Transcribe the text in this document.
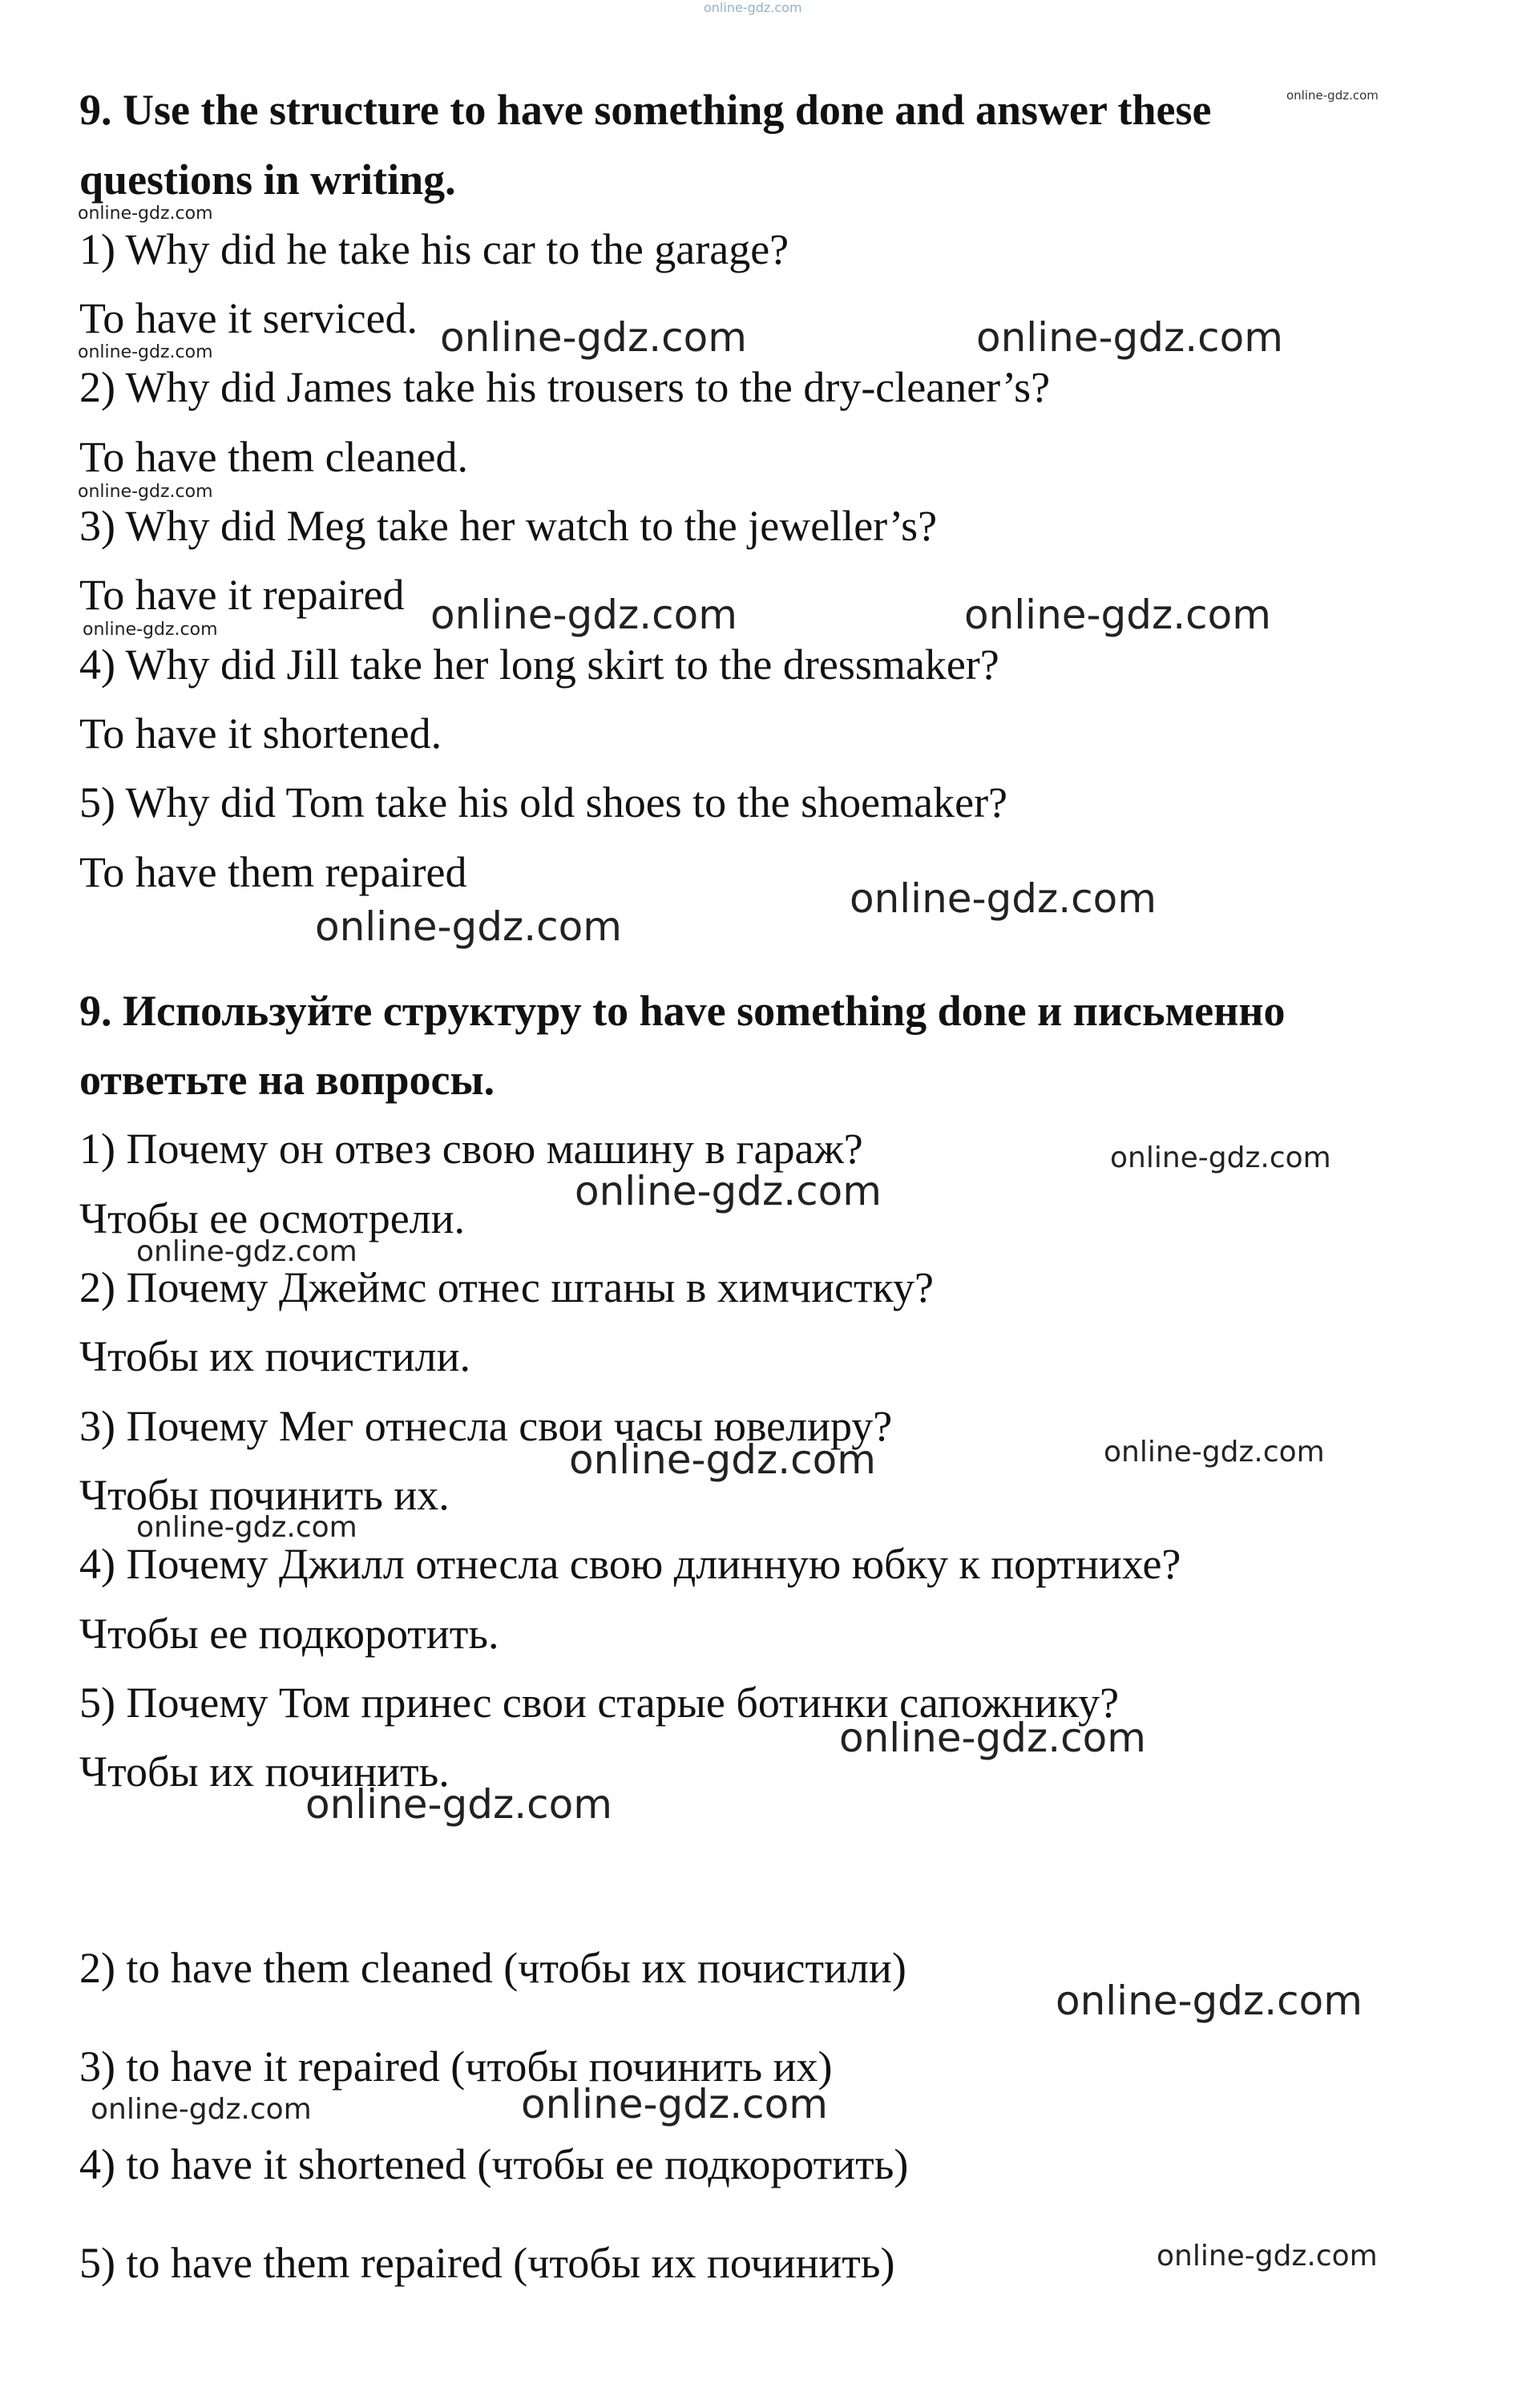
9. Use the structure to have something done and answer these
questions in writing.
1) Why did he take his car to the garage?
To have it serviced.
2) Why did James take his trousers to the dry-cleaner’s?
To have them cleaned.
3) Why did Meg take her watch to the jeweller’s?
To have it repaired
4) Why did Jill take her long skirt to the dressmaker?
To have it shortened.
5) Why did Tom take his old shoes to the shoemaker?
To have them repaired
9. Используйте структуру to have something done и письменно
ответьте на вопросы.
1) Почему он отвез свою машину в гараж?
Чтобы ее осмотрели.
2) Почему Джеймс отнес штаны в химчистку?
Чтобы их почистили.
3) Почему Мег отнесла свои часы ювелиру?
Чтобы починить их.
4) Почему Джилл отнесла свою длинную юбку к портнихе?
Чтобы ее подкоротить.
5) Почему Том принес свои старые ботинки сапожнику?
Чтобы их починить.
2) to have them cleaned (чтобы их почистили)
3) to have it repaired (чтобы починить их)
4) to have it shortened (чтобы ее подкоротить)
5) to have them repaired (чтобы их починить)
online-gdz.com
online-gdz.com
online-gdz.com
online-gdz.com
online-gdz.com
online-gdz.com
online-gdz.com	online-gdz.com
online-gdz.com	online-gdz.com
online-gdz.com
online-gdz.com
online-gdz.com
online-gdz.com
online-gdz.com
online-gdz.com	online-gdz.com
online-gdz.com
online-gdz.com
online-gdz.com
online-gdz.com
online-gdz.com	online-gdz.com
online-gdz.com
